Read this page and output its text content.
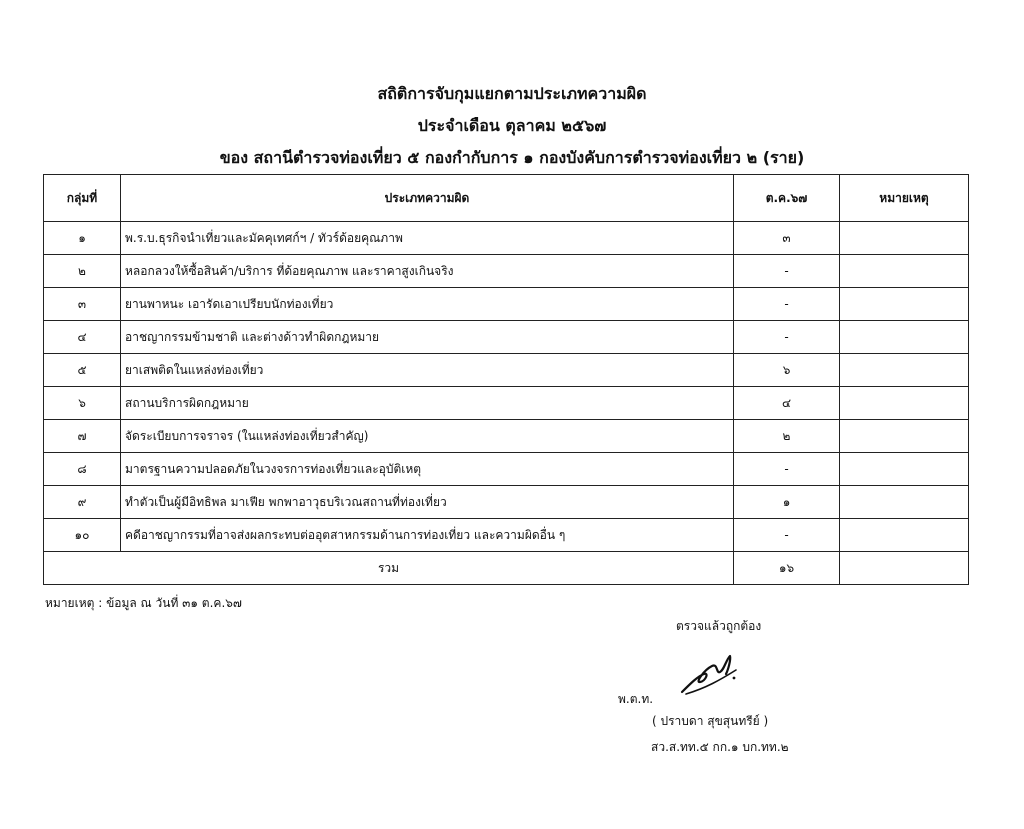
สถิติการจับกุมแยกตามประเภทความผิด
ประจำเดือน ตุลาคม ๒๕๖๗
ของ สถานีตำรวจท่องเที่ยว ๕ กองกำกับการ ๑ กองบังคับการตำรวจท่องเที่ยว ๒ (ราย)
กลุ่มที่	ประเภทความผิด	ต.ค.๖๗	หมายเหตุ
๑	พ.ร.บ.ธุรกิจนำเที่ยวและมัคคุเทศก์ฯ / ทัวร์ด้อยคุณภาพ	๓	
๒	หลอกลวงให้ซื้อสินค้า/บริการ ที่ด้อยคุณภาพ และราคาสูงเกินจริง	-	
๓	ยานพาหนะ เอารัดเอาเปรียบนักท่องเที่ยว	-	
๔	อาชญากรรมข้ามชาติ และต่างด้าวทำผิดกฎหมาย	-	
๕	ยาเสพติดในแหล่งท่องเที่ยว	๖	
๖	สถานบริการผิดกฎหมาย	๔	
๗	จัดระเบียบการจราจร (ในแหล่งท่องเที่ยวสำคัญ)	๒	
๘	มาตรฐานความปลอดภัยในวงจรการท่องเที่ยวและอุบัติเหตุ	-	
๙	ทำตัวเป็นผู้มีอิทธิพล มาเฟีย พกพาอาวุธบริเวณสถานที่ท่องเที่ยว	๑	
๑๐	คดีอาชญากรรมที่อาจส่งผลกระทบต่ออุตสาหกรรมด้านการท่องเที่ยว และความผิดอื่น ๆ	-	
รวม		๑๖	
หมายเหตุ : ข้อมูล ณ วันที่ ๓๑ ต.ค.๖๗
ตรวจแล้วถูกต้อง
พ.ต.ท.
( ปราบดา สุขสุนทรีย์ )
สว.ส.ทท.๕ กก.๑ บก.ทท.๒
